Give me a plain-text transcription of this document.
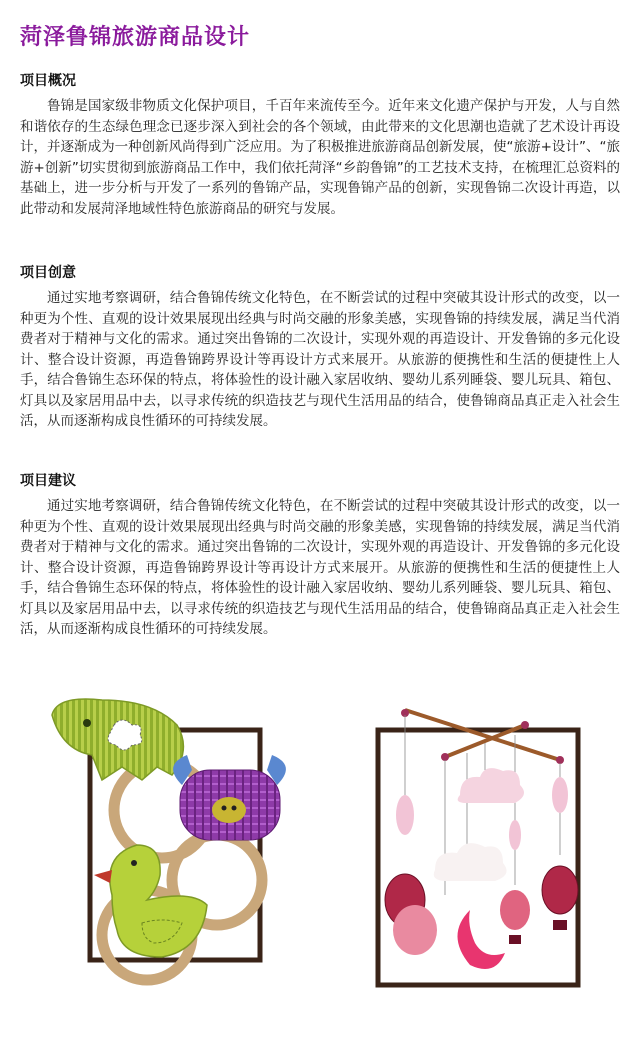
菏泽鲁锦旅游商品设计
项目概况

鲁锦是国家级非物质文化保护项目，千百年来流传至今。近年来文化遗产保护与开发，人与自然和谐依存的生态绿色理念已逐步深入到社会的各个领域，由此带来的文化思潮也造就了艺术设计再设计，并逐渐成为一种创新风尚得到广泛应用。为了积极推进旅游商品创新发展，使“旅游+设计”、“旅游+创新”切实贯彻到旅游商品工作中，我们依托菏泽“乡韵鲁锦”的工艺技术支持，在梳理汇总资料的基础上，进一步分析与开发了一系列的鲁锦产品，实现鲁锦产品的创新，实现鲁锦二次设计再造，以此带动和发展菏泽地域性特色旅游商品的研究与发展。

项目创意

通过实地考察调研，结合鲁锦传统文化特色，在不断尝试的过程中突破其设计形式的改变，以一种更为个性、直观的设计效果展现出经典与时尚交融的形象美感，实现鲁锦的持续发展，满足当代消费者对于精神与文化的需求。通过突出鲁锦的二次设计，实现外观的再造设计、开发鲁锦的多元化设计、整合设计资源，再造鲁锦跨界设计等再设计方式来展开。从旅游的便携性和生活的便捷性上人手，结合鲁锦生态环保的特点，将体验性的设计融入家居收纳、婴幼儿系列睡袋、婴儿玩具、箱包、灯具以及家居用品中去，以寻求传统的织造技艺与现代生活用品的结合，使鲁锦商品真正走入社会生活，从而逐渐构成良性循环的可持续发展。

项目建议

通过实地考察调研，结合鲁锦传统文化特色，在不断尝试的过程中突破其设计形式的改变，以一种更为个性、直观的设计效果展现出经典与时尚交融的形象美感，实现鲁锦的持续发展，满足当代消费者对于精神与文化的需求。通过突出鲁锦的二次设计，实现外观的再造设计、开发鲁锦的多元化设计、整合设计资源，再造鲁锦跨界设计等再设计方式来展开。从旅游的便携性和生活的便捷性上人手，结合鲁锦生态环保的特点，将体验性的设计融入家居收纳、婴幼儿系列睡袋、婴儿玩具、箱包、灯具以及家居用品中去，以寻求传统的织造技艺与现代生活用品的结合，使鲁锦商品真正走入社会生活，从而逐渐构成良性循环的可持续发展。
